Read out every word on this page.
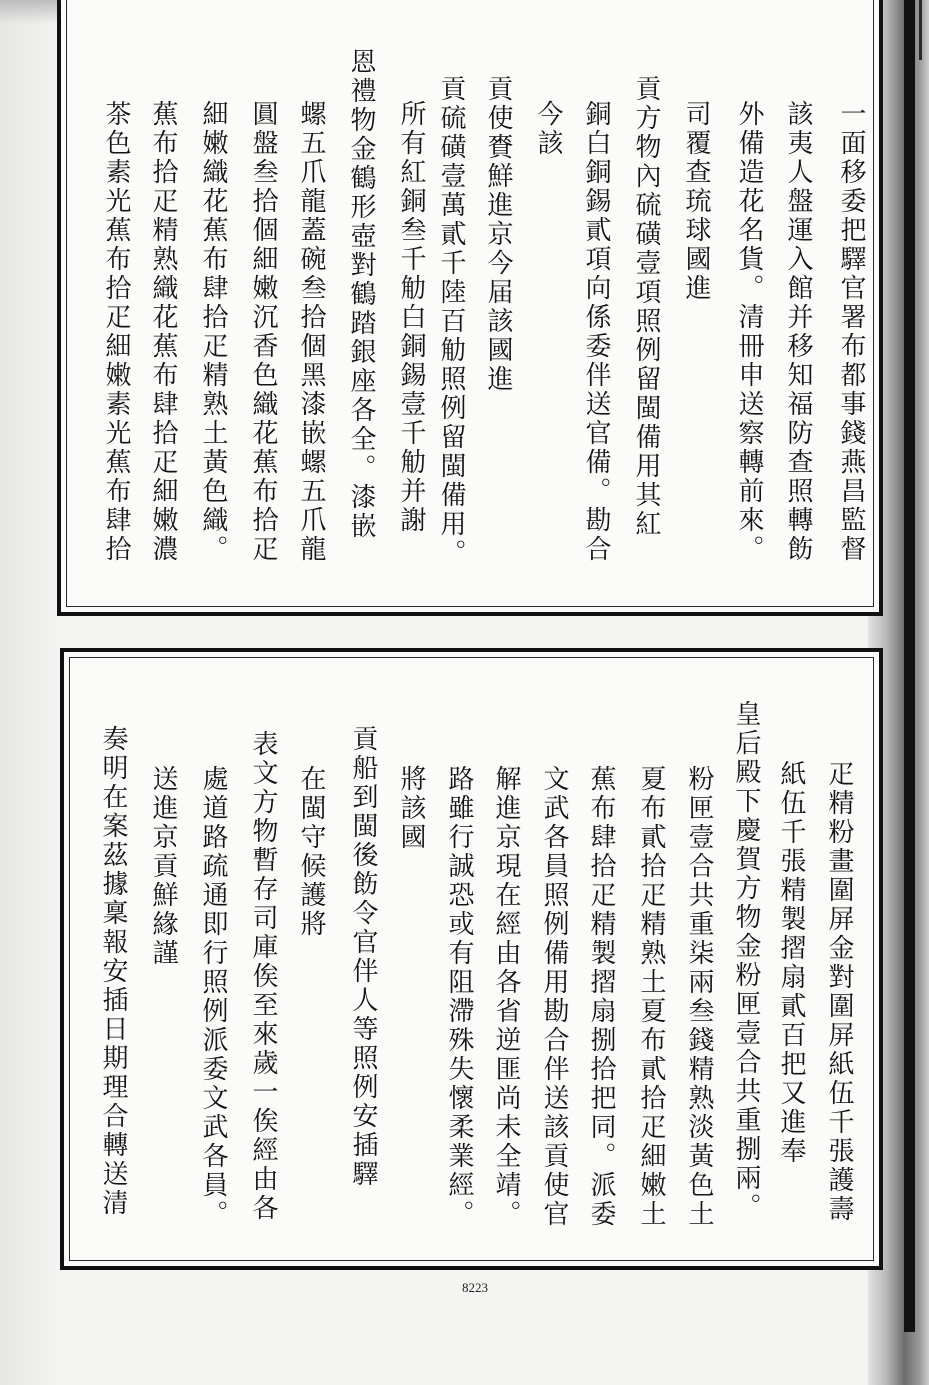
一面移委把驛官署布都事錢燕昌監督
該夷人盤運入館并移知福防查照轉飭
外備造花名貨。清冊申送察轉前來。
司覆查琉球國進
貢方物內硫磺壹項照例留閩備用其紅
銅白銅錫貳項向係委伴送官備。勘合
今該
貢使賚鮮進京今届該國進
貢硫磺壹萬貳千陸百觔照例留閩備用。
所有紅銅叁千觔白銅錫壹千觔并謝
恩禮物金鶴形壺對鶴踏銀座各全。漆嵌
螺五爪龍蓋碗叁拾個黑漆嵌螺五爪龍
圓盤叁拾個細嫩沉香色織花蕉布拾疋
細嫩織花蕉布肆拾疋精熟土黃色織。
蕉布拾疋精熟織花蕉布肆拾疋細嫩濃
茶色素光蕉布拾疋細嫩素光蕉布肆拾
疋精粉畫圍屏金對圍屏紙伍千張護壽
紙伍千張精製摺扇貳百把又進奉
皇后殿下慶賀方物金粉匣壹合共重捌兩。
粉匣壹合共重柒兩叁錢精熟淡黃色土
夏布貳拾疋精熟土夏布貳拾疋細嫩土
蕉布肆拾疋精製摺扇捌拾把同。派委
文武各員照例備用勘合伴送該貢使官
解進京現在經由各省逆匪尚未全靖。
路雖行誠恐或有阻滯殊失懷柔業經。
將該國
貢船到閩後飭令官伴人等照例安插驛
在閩守候護將
表文方物暫存司庫俟至來歲一俟經由各
處道路疏通即行照例派委文武各員。
送進京貢鮮緣謹
奏明在案茲據稟報安插日期理合轉送清
8223
